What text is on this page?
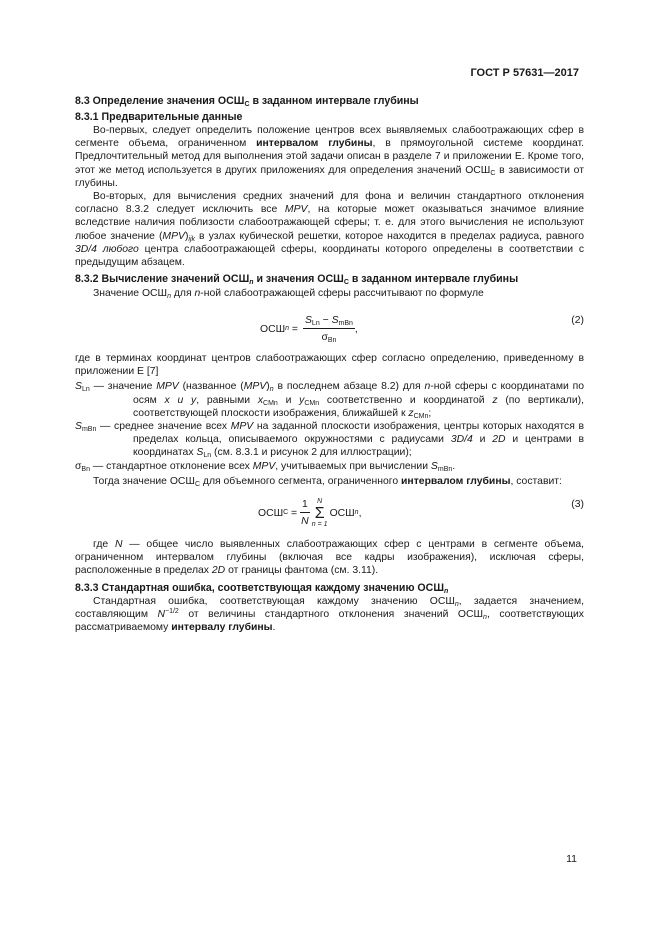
ГОСТ Р 57631—2017
8.3 Определение значения $ОСШ_С$ в заданном интервале глубины
8.3.1 Предварительные данные

Во-первых, следует определить положение центров всех выявляемых слабоотражающих сфер в сегменте объема, ограниченном интервалом глубины, в прямоугольной системе координат. Предлочтительный метод для выполнения этой задачи описан в разделе 7 и приложении Е. Кроме того, этот же метод используется в других приложениях для определения значений $ОСШ_С$ в зависимости от глубины.

Во-вторых, для вычисления средних значений для фона и величин стандартного отклонения согласно 8.3.2 следует исключить все MPV, на которые может оказываться значимое влияние вследствие наличия поблизости слабоотражающей сферы; т. е. для этого вычисления не используют любое значение $(MPV)_{ijk}$ в узлах кубической решетки, которое находится в пределах радиуса, равного 3D/4 любого центра слабоотражающей сферы, координаты которого определены в соответствии с предыдущим абзацем.

8.3.2 Вычисление значений $ОСШ_n$ и значения $ОСШ_С$ в заданном интервале глубины

Значение $ОСШ_n$ для n-ной слабоотражающей сферы рассчитывают по формуле

ОСШ $n = \frac{S_{Ln} - S_{mBn}}{\sigma_{Bn}}$ ,
(2)

где в терминах координат центров слабоотражающих сфер согласно определению, приведенному в приложении Е [7]

$S_{Ln}$ — значение MPV (названное $(MPV)_n$ в последнем абзаце 8.2) для n-ной сферы с координатами по осям x и y, равными $x_{CMn}$ и $y_{CMn}$ соответственно и координатой z (по вертикали), соответствующей плоскости изображения, ближайшей к $z_{CMn}$;

$S_{mBn}$ — среднее значение всех MPV на заданной плоскости изображения, центры которых находятся в пределах кольца, описываемого окружностями с радиусами 3D/4 и 2D и центрами в координатах $S_{Ln}$ (см. 8.3.1 и рисунок 2 для иллюстрации);

$\sigma_{Bn}$ — стандартное отклонение всех MPV, учитываемых при вычислении $S_{mBn}$.

Тогда значение $ОСШ_С$ для объемного сегмента, ограниченного интервалом глубины, составит:

ОСШ $С = \frac{1}{N}$ N
Σ
n = 1
ОСШ n ,
(3)

где N — общее число выявленных слабоотражающих сфер с центрами в сегменте объема, ограниченном интервалом глубины (включая все кадры изображения), исключая сферы, расположенные в пределах 2D от границы фантома (см. 3.11).

8.3.3 Стандартная ошибка, соответствующая каждому значению $ОСШ_n$

Стандартная ошибка, соответствующая каждому значению $ОСШ_n$, задается значением, составляющим $N^{-1/2}$ от величины стандартного отклонения значений $ОСШ_n$, соответствующих рассматриваемому интервалу глубины.

11
